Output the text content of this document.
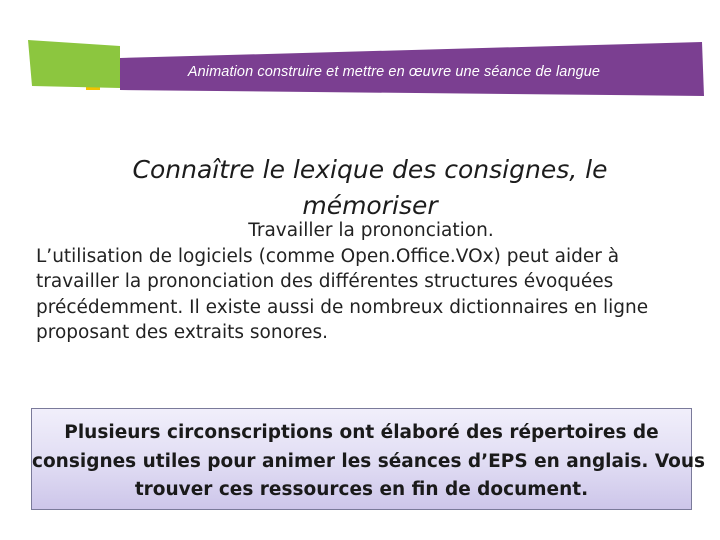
Animation construire et mettre en œuvre une séance de langue
Connaître le lexique des consignes, le
mémoriser
Travailler la prononciation.
L’utilisation de logiciels (comme Open.Office.VOx) peut aider à
travailler la prononciation des différentes structures évoquées
précédemment. Il existe aussi de nombreux dictionnaires en ligne
proposant des extraits sonores.
Plusieurs circonscriptions ont élaboré des répertoires de
consignes utiles pour animer les séances d’EPS en anglais. Vous
trouver ces ressources en fin de document.
